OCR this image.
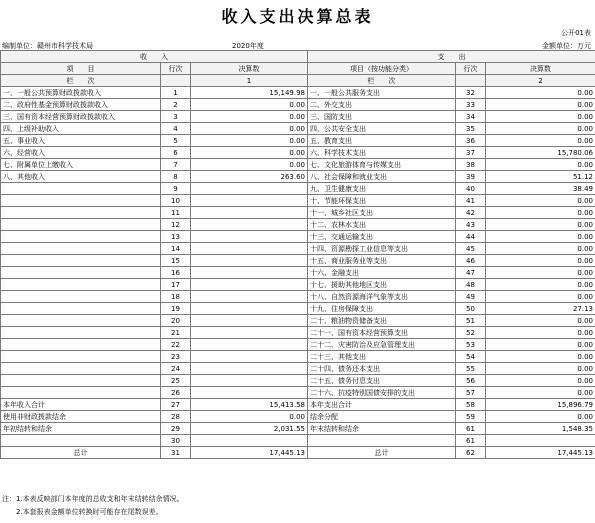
收入支出决算总表
公开01表
编制单位：赣州市科学技术局	2020年度	金额单位：万元
收　　入			支　　出		
项　　目	行次	决算数	项目（按功能分类）	行次	决算数
栏　　次		1	栏　　次		2
一、一般公共预算财政拨款收入	1	15,149.98	一、一般公共服务支出	32	0.00
二、政府性基金预算财政拨款收入	2	0.00	二、外交支出	33	0.00
三、国有资本经营预算财政拨款收入	3	0.00	三、国防支出	34	0.00
四、上级补助收入	4	0.00	四、公共安全支出	35	0.00
五、事业收入	5	0.00	五、教育支出	36	0.00
六、经营收入	6	0.00	六、科学技术支出	37	15,780.06
七、附属单位上缴收入	7	0.00	七、文化旅游体育与传媒支出	38	0.00
八、其他收入	8	263.60	八、社会保障和就业支出	39	51.12
	9		九、卫生健康支出	40	38.49
	10		十、节能环保支出	41	0.00
	11		十一、城乡社区支出	42	0.00
	12		十二、农林水支出	43	0.00
	13		十三、交通运输支出	44	0.00
	14		十四、资源勘探工业信息等支出	45	0.00
	15		十五、商业服务业等支出	46	0.00
	16		十六、金融支出	47	0.00
	17		十七、援助其他地区支出	48	0.00
	18		十八、自然资源海洋气象等支出	49	0.00
	19		十九、住房保障支出	50	27.13
	20		二十、粮油物资储备支出	51	0.00
	21		二十一、国有资本经营预算支出	52	0.00
	22		二十二、灾害防治及应急管理支出	53	0.00
	23		二十三、其他支出	54	0.00
	24		二十四、债务还本支出	55	0.00
	25		二十五、债务付息支出	56	0.00
	26		二十六、抗疫特别国债安排的支出	57	0.00
本年收入合计	27	15,413.58	本年支出合计	58	15,896.79
使用非财政拨款结余	28	0.00	结余分配	59	0.00
年初结转和结余	29	2,031.55	年末结转和结余	61	1,548.35
	30			61	
总计	31	17,445.13	总计	62	17,445.13
注：1.本表反映部门本年度的总收支和年末结转结余情况。
2.本套报表金额单位转换时可能存在尾数误差。
